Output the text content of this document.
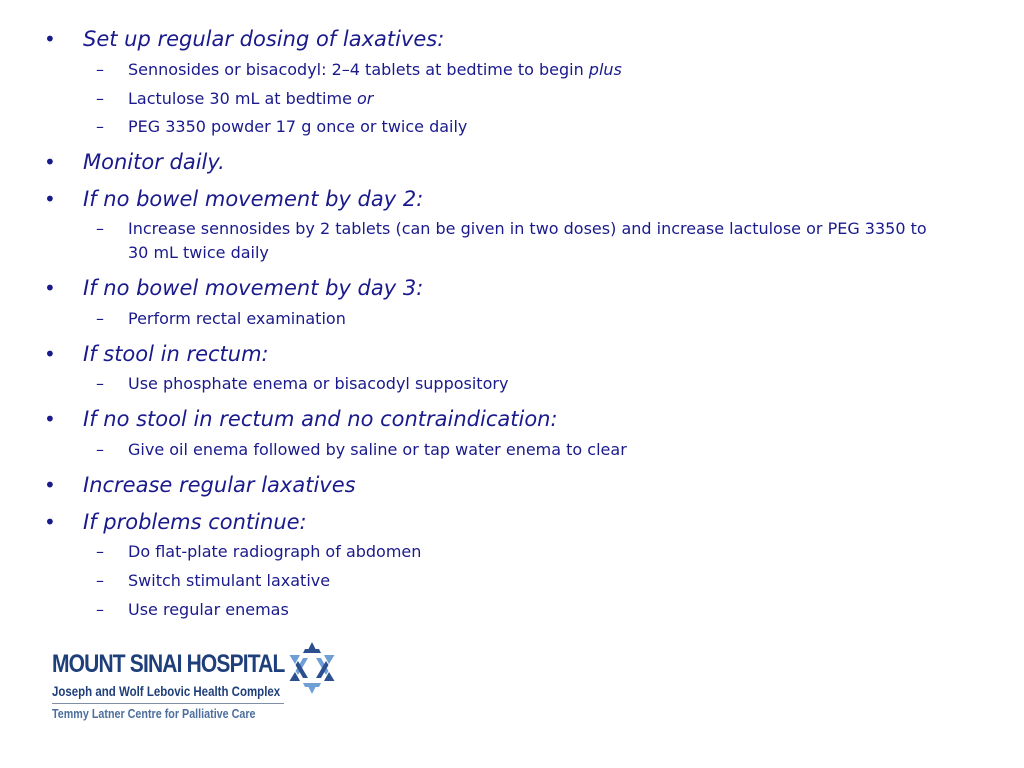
• Set up regular dosing of laxatives:
– Sennosides or bisacodyl: 2–4 tablets at bedtime to begin plus
– Lactulose 30 mL at bedtime or
– PEG 3350 powder 17 g once or twice daily
• Monitor daily.
• If no bowel movement by day 2:
– Increase sennosides by 2 tablets (can be given in two doses) and increase lactulose or PEG 3350 to 30 mL twice daily
• If no bowel movement by day 3:
– Perform rectal examination
• If stool in rectum:
– Use phosphate enema or bisacodyl suppository
• If no stool in rectum and no contraindication:
– Give oil enema followed by saline or tap water enema to clear
• Increase regular laxatives
• If problems continue:
– Do flat-plate radiograph of abdomen
– Switch stimulant laxative
– Use regular enemas
MOUNT SINAI HOSPITAL
Joseph and Wolf Lebovic Health Complex
Temmy Latner Centre for Palliative Care
